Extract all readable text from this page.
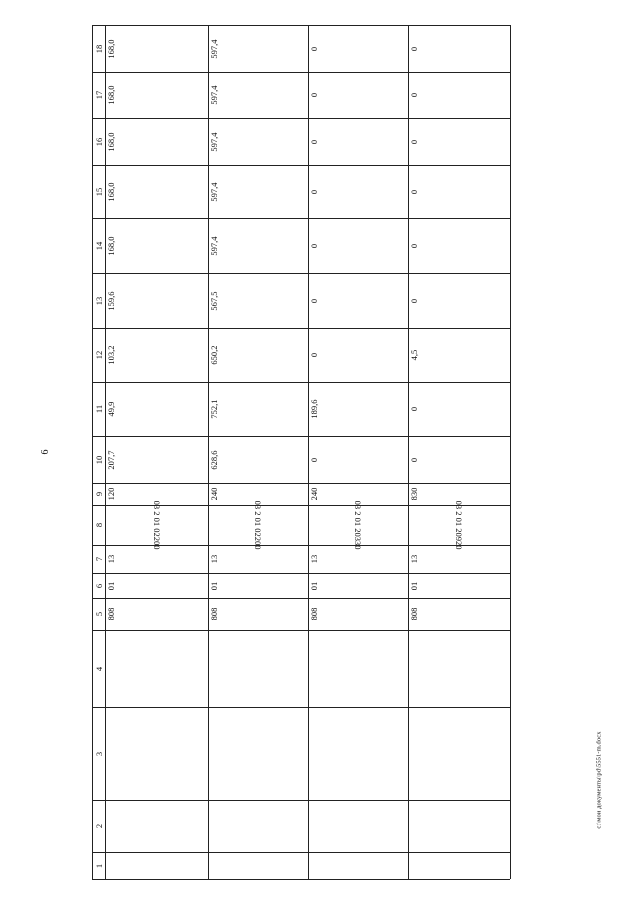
6
c:\мои документы\pd\5551-m.docx
18
17
16
15
14
13
12
11
10
9
8
7
6
5
4
3
2
1
168,0
168,0
168,0
168,0
168,0
159,6
103,2
49,9
207,7
120
03 2 01 02200
13
01
808
597,4
597,4
597,4
597,4
597,4
567,5
650,2
752,1
628,6
240
03 2 01 02200
13
01
808
0
0
0
0
0
0
0
189,6
0
240
03 2 01 20330
13
01
808
0
0
0
0
0
0
4,5
0
0
830
03 2 01 20920
13
01
808
